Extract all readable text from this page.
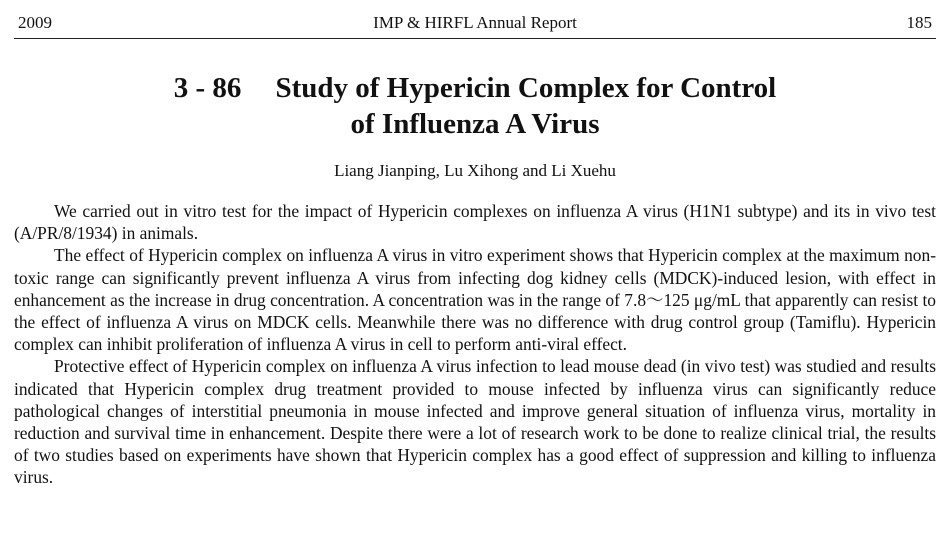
2009	IMP & HIRFL Annual Report	185
3 - 86 Study of Hypericin Complex for Control
of Influenza A Virus
Liang Jianping, Lu Xihong and Li Xuehu

We carried out in vitro test for the impact of Hypericin complexes on influenza A virus (H1N1 subtype) and its in vivo test (A/PR/8/1934) in animals.

The effect of Hypericin complex on influenza A virus in vitro experiment shows that Hypericin complex at the maximum non-toxic range can significantly prevent influenza A virus from infecting dog kidney cells (MDCK)-induced lesion, with effect in enhancement as the increase in drug concentration. A concentration was in the range of 7.8～125 μg/mL that apparently can resist to the effect of influenza A virus on MDCK cells. Meanwhile there was no difference with drug control group (Tamiflu). Hypericin complex can inhibit proliferation of influenza A virus in cell to perform anti-viral effect.

Protective effect of Hypericin complex on influenza A virus infection to lead mouse dead (in vivo test) was studied and results indicated that Hypericin complex drug treatment provided to mouse infected by influenza virus can significantly reduce pathological changes of interstitial pneumonia in mouse infected and improve general situation of influenza virus, mortality in reduction and survival time in enhancement. Despite there were a lot of research work to be done to realize clinical trial, the results of two studies based on experiments have shown that Hypericin complex has a good effect of suppression and killing to influenza virus.
